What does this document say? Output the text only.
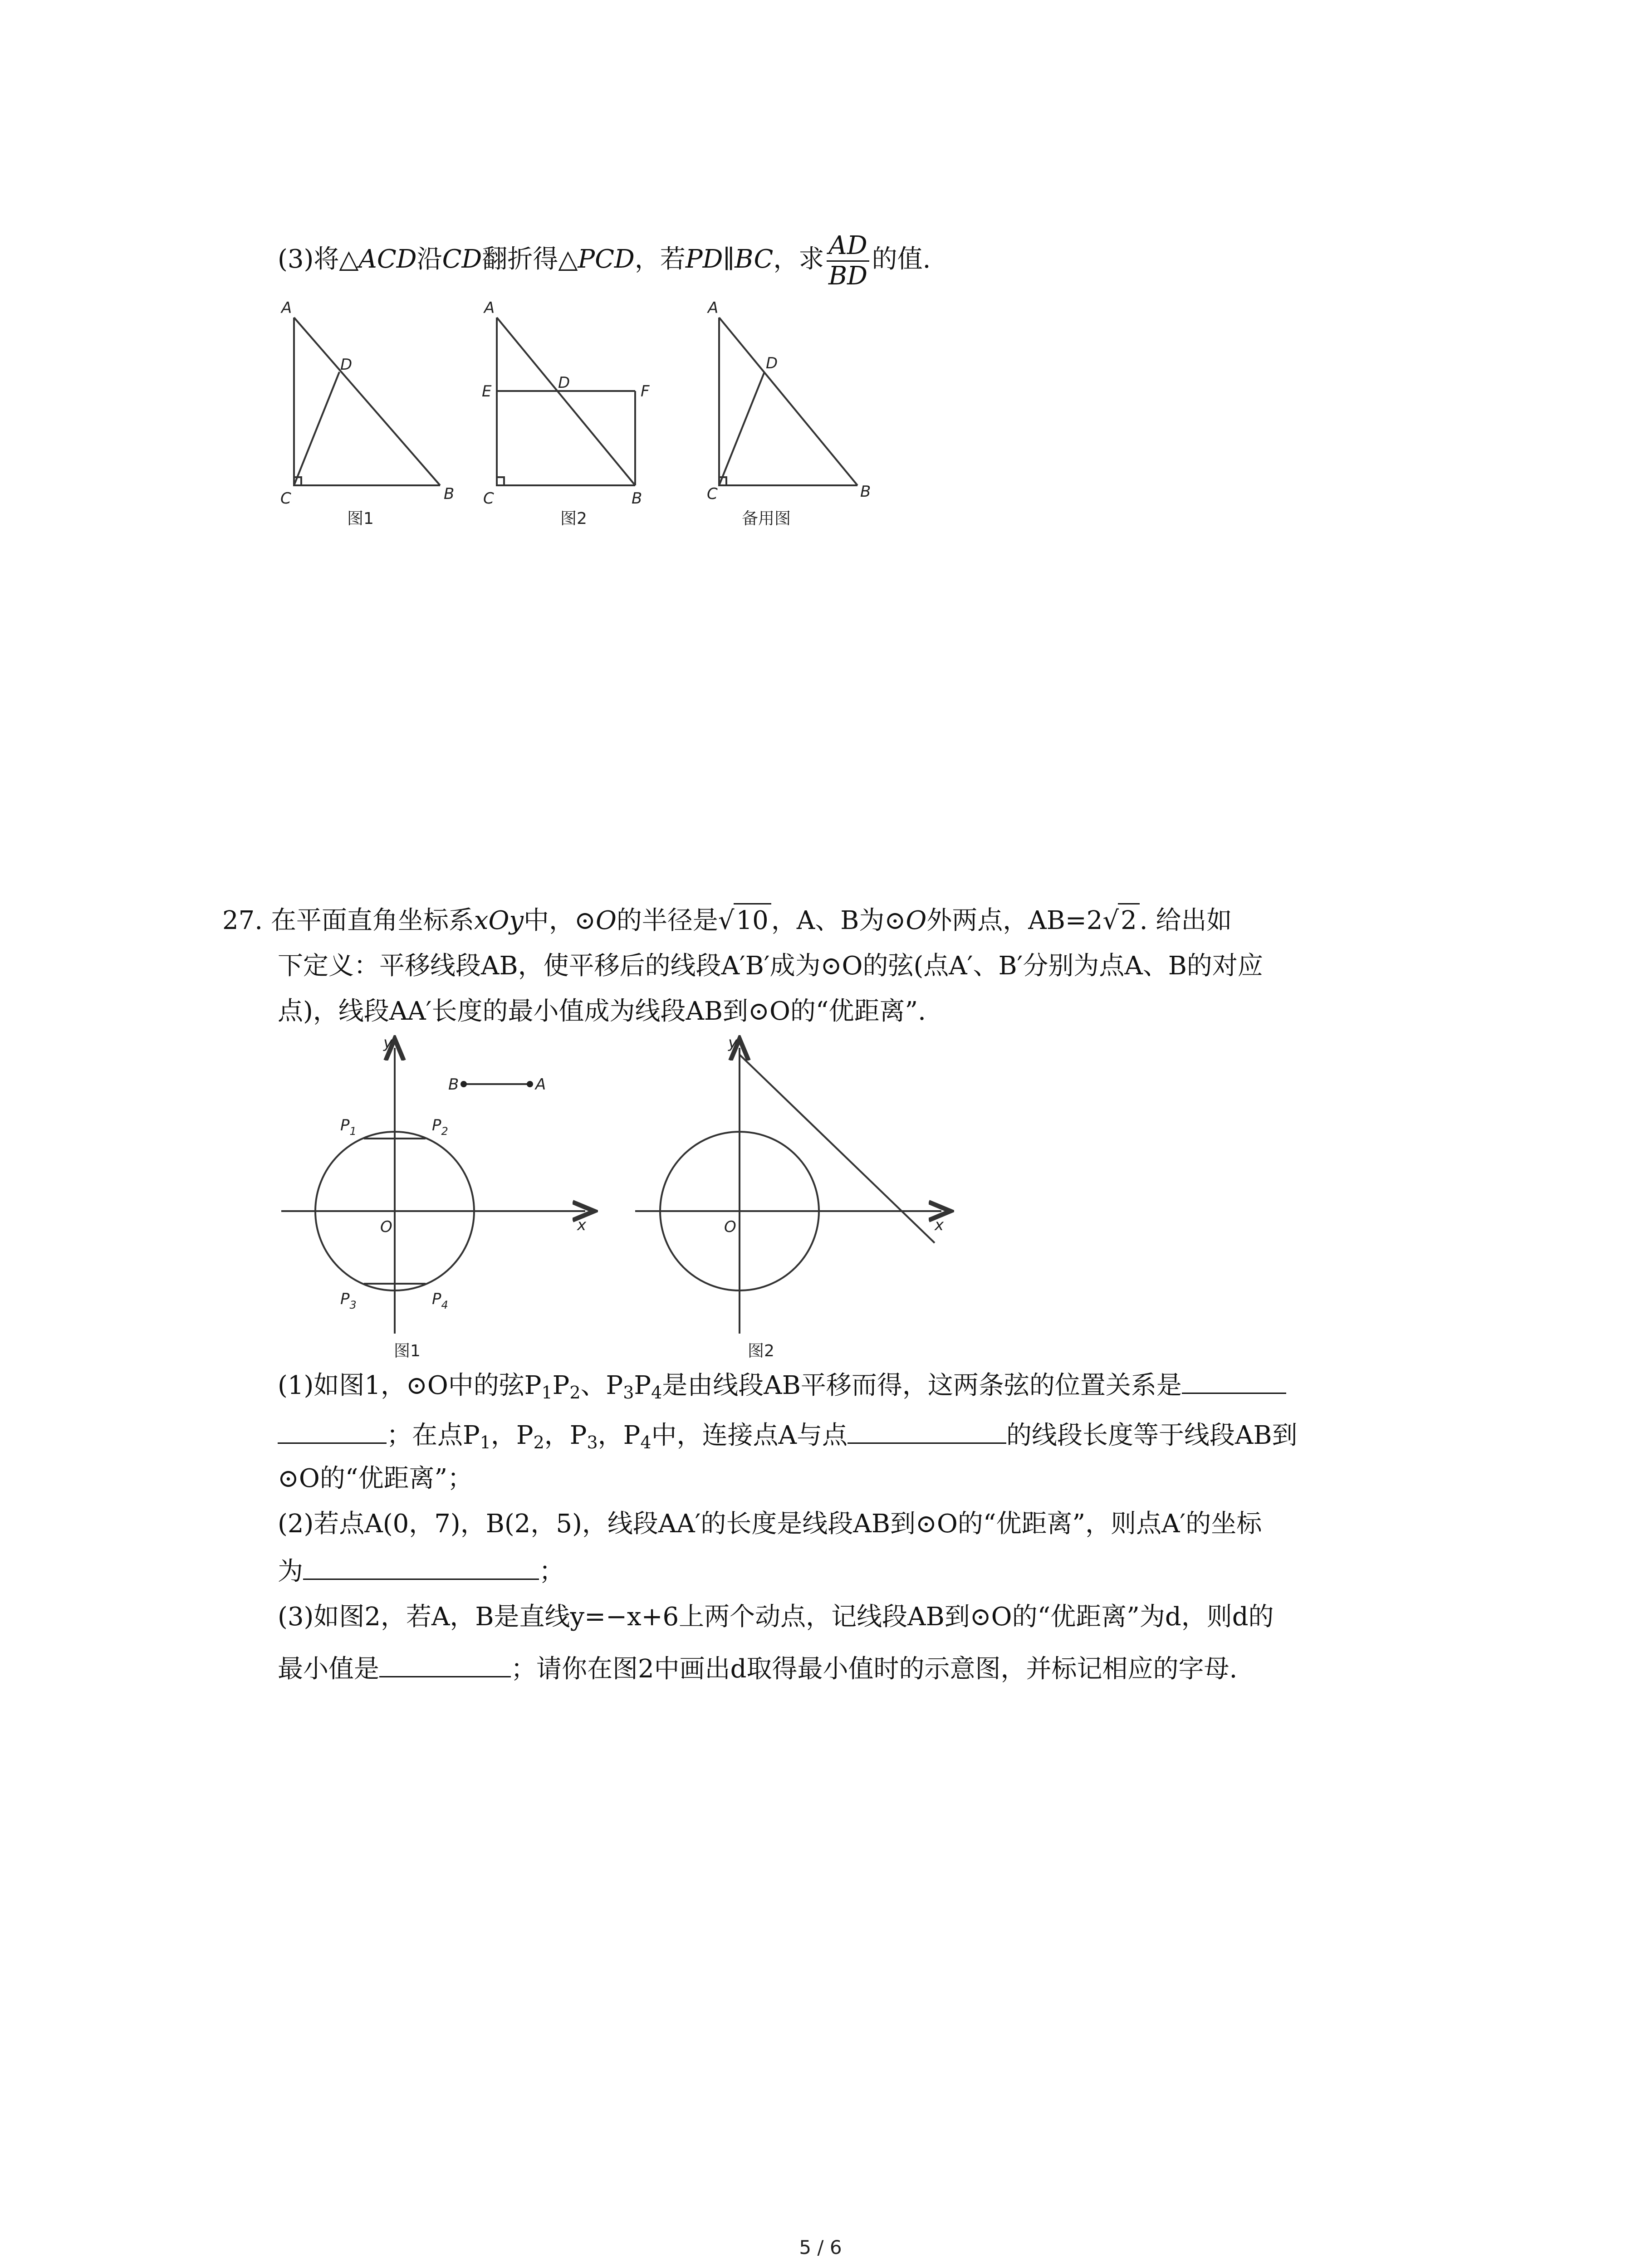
(3)将△ACD沿CD翻折得△PCD，若PD∥BC，求 $\frac{AD}{BD}$ 的值.
A
D
C	B
A
E	D	F
C	B
A
D
C	B
图1	图2	备用图
27. 在平面直角坐标系xOy中，⊙O的半径是√10 ，A、B为⊙O外两点，AB=2√2 . 给出如
下定义：平移线段AB，使平移后的线段A′B′成为⊙O的弦(点A′、B′分别为点A、B的对应
点)，线段AA′长度的最小值成为线段AB到⊙O的“优距离”.
y
x
O
B	A
$P_1$	$P_2$
$P_3$	$P_4$
y
x
O
图1	图2
(1)如图1，⊙O中的弦$P_1P_2$、$P_3P_4$是由线段AB平移而得，这两条弦的位置关系是
；在点$P_1$，$P_2$，$P_3$，$P_4$中，连接点A与点	的线段长度等于线段AB到
⊙O的“优距离”；
(2)若点A(0，7)，B(2，5)，线段AA′的长度是线段AB到⊙O的“优距离”，则点A′的坐标
为	；
(3)如图2，若A，B是直线y=−x+6上两个动点，记线段AB到⊙O的“优距离”为d，则d的
最小值是	；请你在图2中画出d取得最小值时的示意图，并标记相应的字母.
5 / 6
